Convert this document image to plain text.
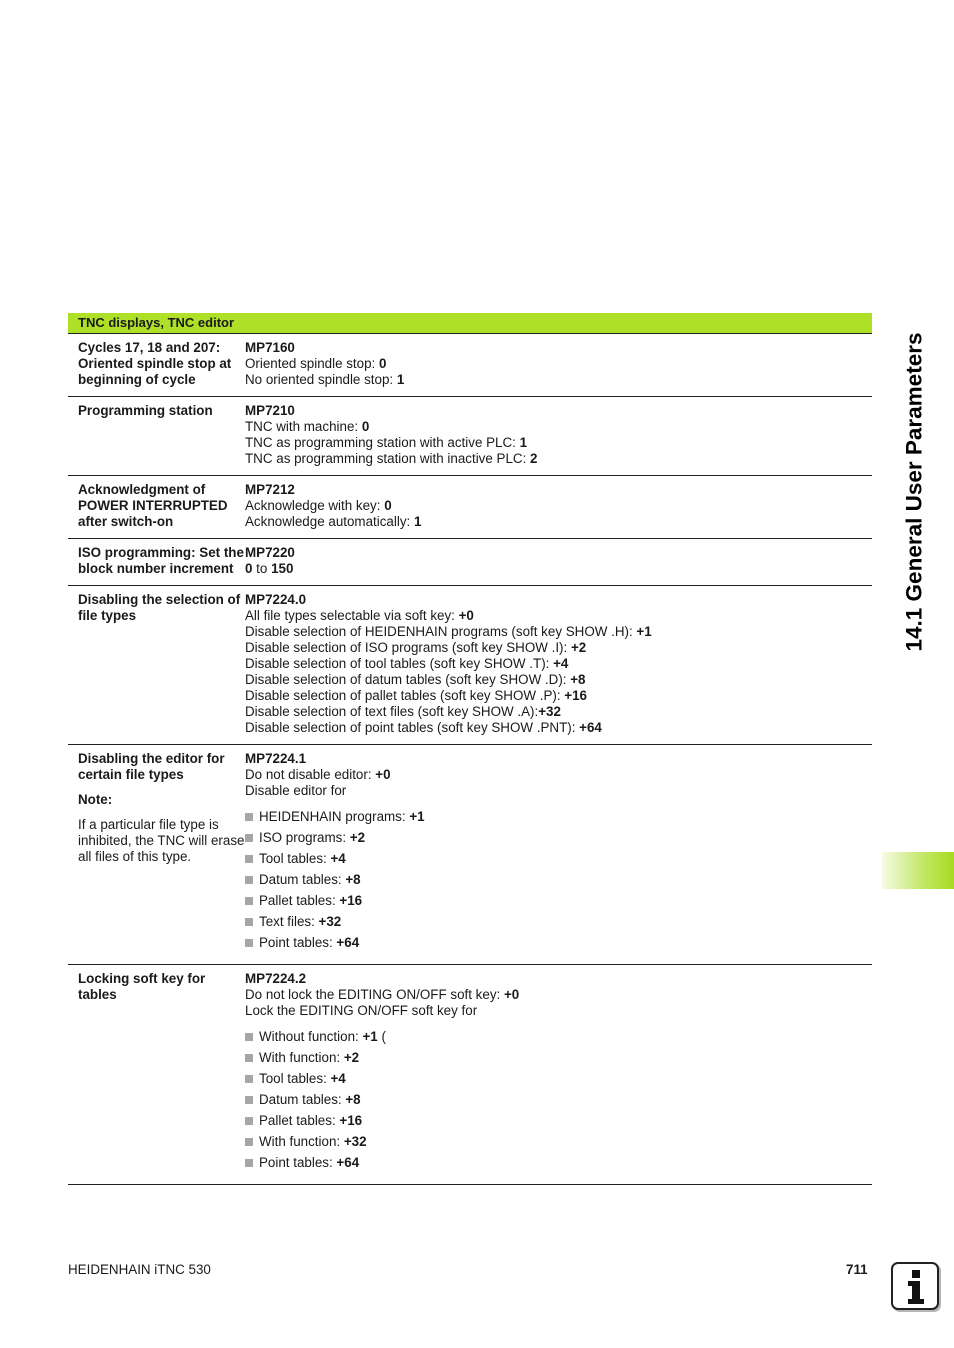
14.1 General User Parameters
TNC displays, TNC editor
Cycles 17, 18 and 207: Oriented spindle stop at beginning of cycle
MP7160
Oriented spindle stop: 0
No oriented spindle stop: 1
Programming station	MP7210
TNC with machine: 0
TNC as programming station with active PLC: 1
TNC as programming station with inactive PLC: 2
Acknowledgment of POWER INTERRUPTED after switch-on
MP7212
Acknowledge with key: 0
Acknowledge automatically: 1
ISO programming: Set the block number increment
MP7220
0 to 150
Disabling the selection of file types
MP7224.0
All file types selectable via soft key: +0
Disable selection of HEIDENHAIN programs (soft key SHOW .H): +1
Disable selection of ISO programs (soft key SHOW .I): +2
Disable selection of tool tables (soft key SHOW .T): +4
Disable selection of datum tables (soft key SHOW .D): +8
Disable selection of pallet tables (soft key SHOW .P): +16
Disable selection of text files (soft key SHOW .A):+32
Disable selection of point tables (soft key SHOW .PNT): +64
Disabling the editor for certain file types
Note:
If a particular file type is inhibited, the TNC will erase all files of this type.
MP7224.1
Do not disable editor: +0
Disable editor for
HEIDENHAIN programs: +1
ISO programs: +2
Tool tables: +4
Datum tables: +8
Pallet tables: +16
Text files: +32
Point tables: +64
Locking soft key for tables
MP7224.2
Do not lock the EDITING ON/OFF soft key: +0
Lock the EDITING ON/OFF soft key for
Without function: +1 (
With function: +2
Tool tables: +4
Datum tables: +8
Pallet tables: +16
With function: +32
Point tables: +64
HEIDENHAIN iTNC 530	711
